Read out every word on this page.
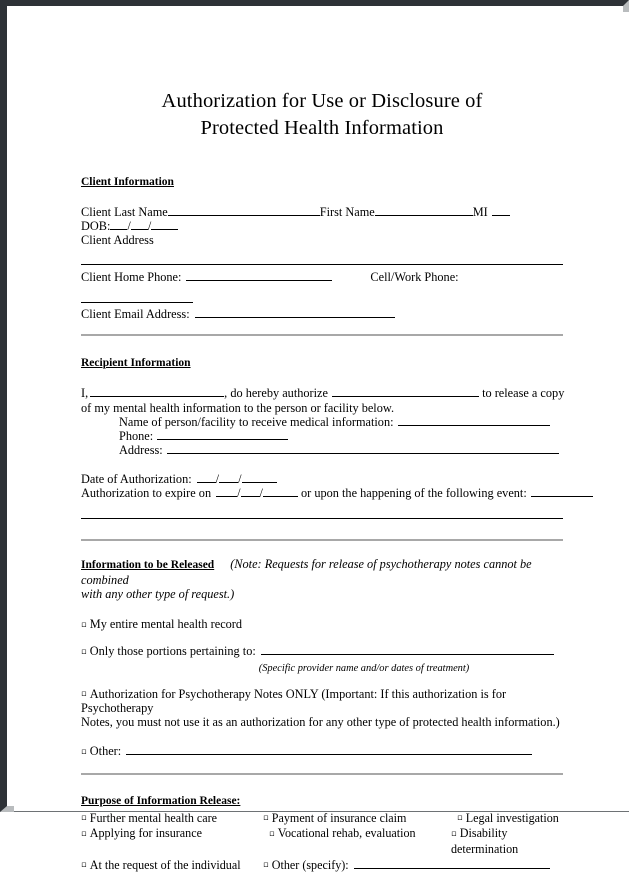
Authorization for Use or Disclosure of
Protected Health Information
Client Information
Client Last Name	First Name	MI
DOB: / /
Client Address
Client Home Phone:	Cell/Work Phone:
Client Email Address:
Recipient Information
I,	, do hereby authorize	to release a copy
of my mental health information to the person or facility below.
Name of person/facility to receive medical information:
Phone:
Address:
Date of Authorization: / /
Authorization to expire on / /	or upon the happening of the following event:
Information to be Released (Note: Requests for release of psychotherapy notes cannot be combined
with any other type of request.)
▫ My entire mental health record
▫ Only those portions pertaining to:
(Specific provider name and/or dates of treatment)
▫ Authorization for Psychotherapy Notes ONLY (Important: If this authorization is for Psychotherapy
Notes, you must not use it as an authorization for any other type of protected health information.)
▫ Other:
Purpose of Information Release:
▫ Further mental health care	▫ Payment of insurance claim	▫ Legal investigation
▫ Applying for insurance	▫ Vocational rehab, evaluation	▫ Disability determination
▫ At the request of the individual	▫ Other (specify):
